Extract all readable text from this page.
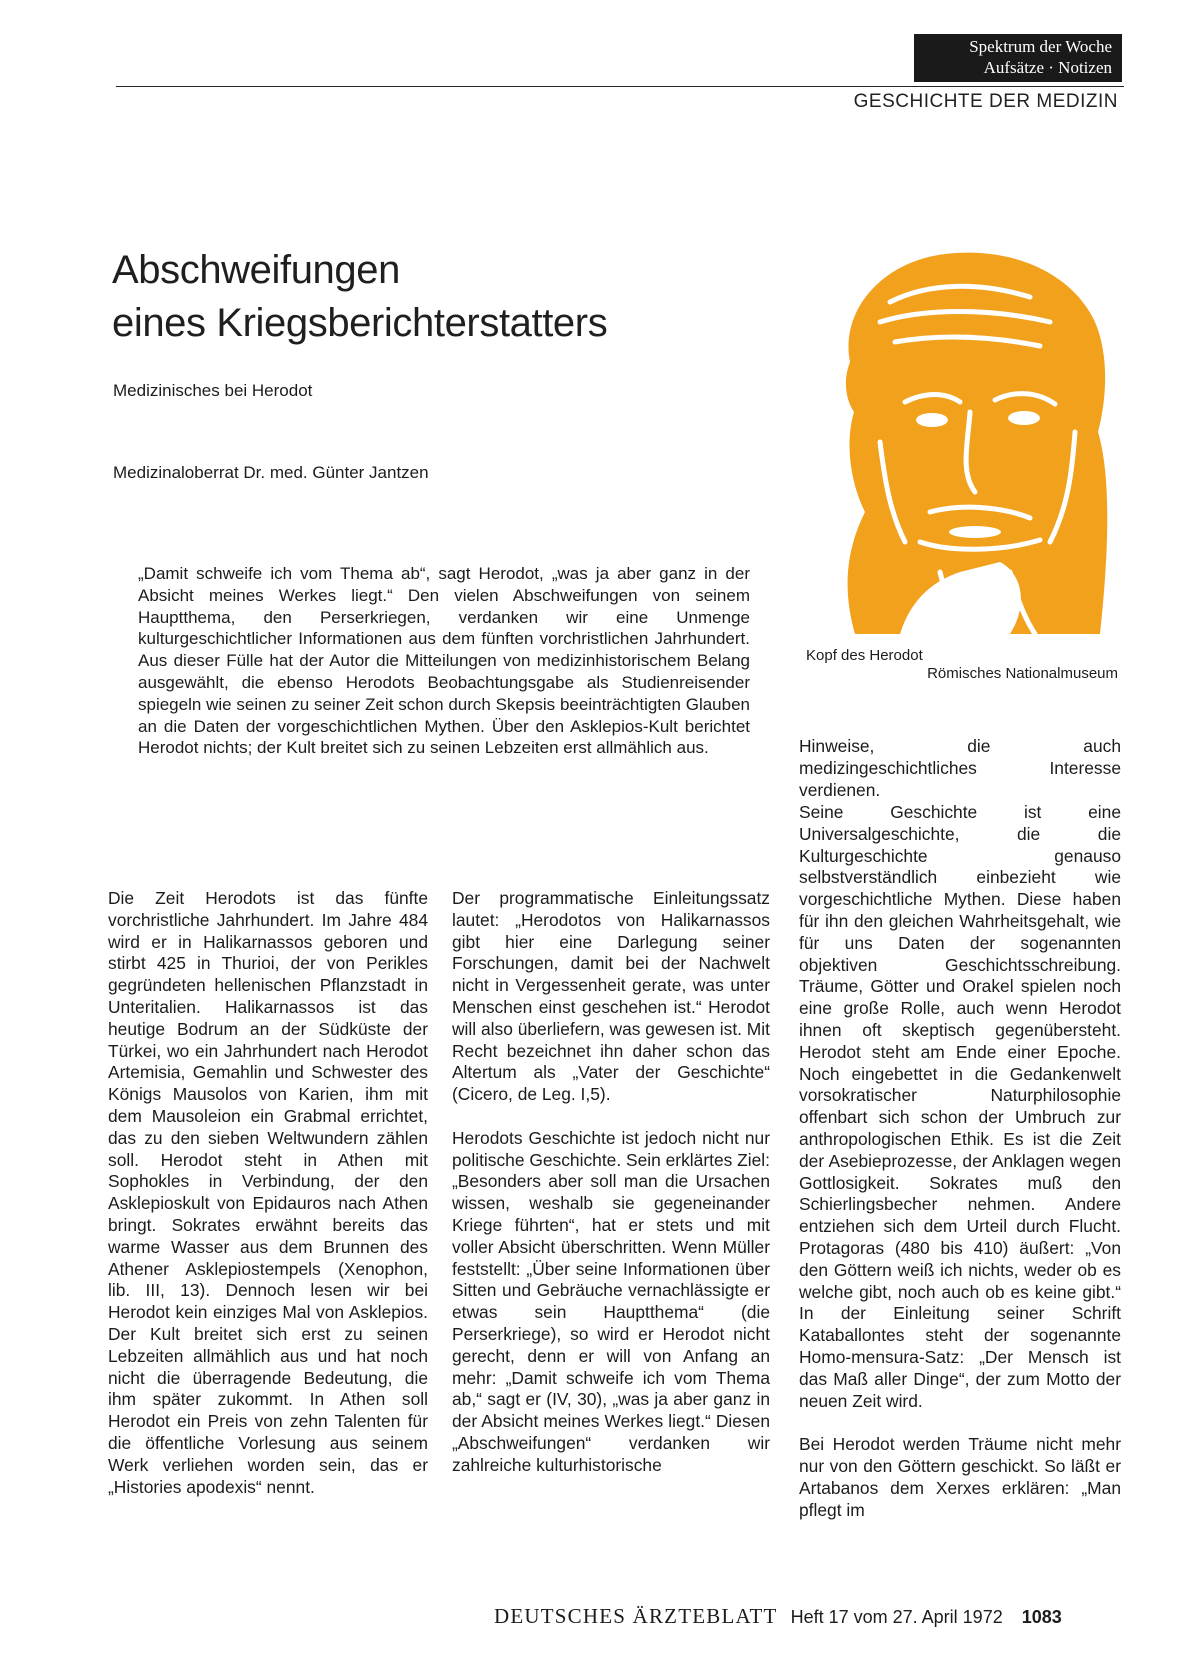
Spektrum der Woche
Aufsätze · Notizen
GESCHICHTE DER MEDIZIN
Abschweifungen
eines Kriegsberichterstatters
Medizinisches bei Herodot
Medizinaloberrat Dr. med. Günter Jantzen

„Damit schweife ich vom Thema ab“, sagt Herodot, „was ja aber ganz in der Absicht meines Werkes liegt.“ Den vielen Abschweifungen von seinem Hauptthema, den Perserkriegen, verdanken wir eine Unmenge kulturgeschichtlicher Informationen aus dem fünften vorchristlichen Jahrhundert. Aus dieser Fülle hat der Autor die Mitteilungen von medizinhistorischem Belang ausgewählt, die ebenso Herodots Beobachtungsgabe als Studienreisender spiegeln wie seinen zu seiner Zeit schon durch Skepsis beeinträchtigten Glauben an die Daten der vorgeschichtlichen Mythen. Über den Asklepios-Kult berichtet Herodot nichts; der Kult breitet sich zu seinen Lebzeiten erst allmählich aus.

Kopf des Herodot
Römisches Nationalmuseum

Die Zeit Herodots ist das fünfte vorchristliche Jahrhundert. Im Jahre 484 wird er in Halikarnassos geboren und stirbt 425 in Thurioi, der von Perikles gegründeten hellenischen Pflanzstadt in Unteritalien. Halikarnassos ist das heutige Bodrum an der Südküste der Türkei, wo ein Jahrhundert nach Herodot Artemisia, Gemahlin und Schwester des Königs Mausolos von Karien, ihm mit dem Mausoleion ein Grabmal errichtet, das zu den sieben Weltwundern zählen soll. Herodot steht in Athen mit Sophokles in Verbindung, der den Asklepioskult von Epidauros nach Athen bringt. Sokrates erwähnt bereits das warme Wasser aus dem Brunnen des Athener Asklepiostempels (Xenophon, lib. III, 13). Dennoch lesen wir bei Herodot kein einziges Mal von Asklepios. Der Kult breitet sich erst zu seinen Lebzeiten allmählich aus und hat noch nicht die überragende Bedeutung, die ihm später zukommt. In Athen soll Herodot ein Preis von zehn Talenten für die öffentliche Vorlesung aus seinem Werk verliehen worden sein, das er „Histories apodexis“ nennt.

Der programmatische Einleitungssatz lautet: „Herodotos von Halikarnassos gibt hier eine Darlegung seiner Forschungen, damit bei der Nachwelt nicht in Vergessenheit gerate, was unter Menschen einst geschehen ist.“ Herodot will also überliefern, was gewesen ist. Mit Recht bezeichnet ihn daher schon das Altertum als „Vater der Geschichte“ (Cicero, de Leg. I,5).

Herodots Geschichte ist jedoch nicht nur politische Geschichte. Sein erklärtes Ziel: „Besonders aber soll man die Ursachen wissen, weshalb sie gegeneinander Kriege führten“, hat er stets und mit voller Absicht überschritten. Wenn Müller feststellt: „Über seine Informationen über Sitten und Gebräuche vernachlässigte er etwas sein Hauptthema“ (die Perserkriege), so wird er Herodot nicht gerecht, denn er will von Anfang an mehr: „Damit schweife ich vom Thema ab,“ sagt er (IV, 30), „was ja aber ganz in der Absicht meines Werkes liegt.“ Diesen „Abschweifungen“ verdanken wir zahlreiche kulturhistorische

Hinweise, die auch medizingeschichtliches Interesse verdienen.

Seine Geschichte ist eine Universalgeschichte, die die Kulturgeschichte genauso selbstverständlich einbezieht wie vorgeschichtliche Mythen. Diese haben für ihn den gleichen Wahrheitsgehalt, wie für uns Daten der sogenannten objektiven Geschichtsschreibung. Träume, Götter und Orakel spielen noch eine große Rolle, auch wenn Herodot ihnen oft skeptisch gegenübersteht. Herodot steht am Ende einer Epoche. Noch eingebettet in die Gedankenwelt vorsokratischer Naturphilosophie offenbart sich schon der Umbruch zur anthropologischen Ethik. Es ist die Zeit der Asebieprozesse, der Anklagen wegen Gottlosigkeit. Sokrates muß den Schierlingsbecher nehmen. Andere entziehen sich dem Urteil durch Flucht. Protagoras (480 bis 410) äußert: „Von den Göttern weiß ich nichts, weder ob es welche gibt, noch auch ob es keine gibt.“ In der Einleitung seiner Schrift Kataballontes steht der sogenannte Homo-mensura-Satz: „Der Mensch ist das Maß aller Dinge“, der zum Motto der neuen Zeit wird.

Bei Herodot werden Träume nicht mehr nur von den Göttern geschickt. So läßt er Artabanos dem Xerxes erklären: „Man pflegt im

DEUTSCHES ÄRZTEBLATT Heft 17 vom 27. April 1972 1083
